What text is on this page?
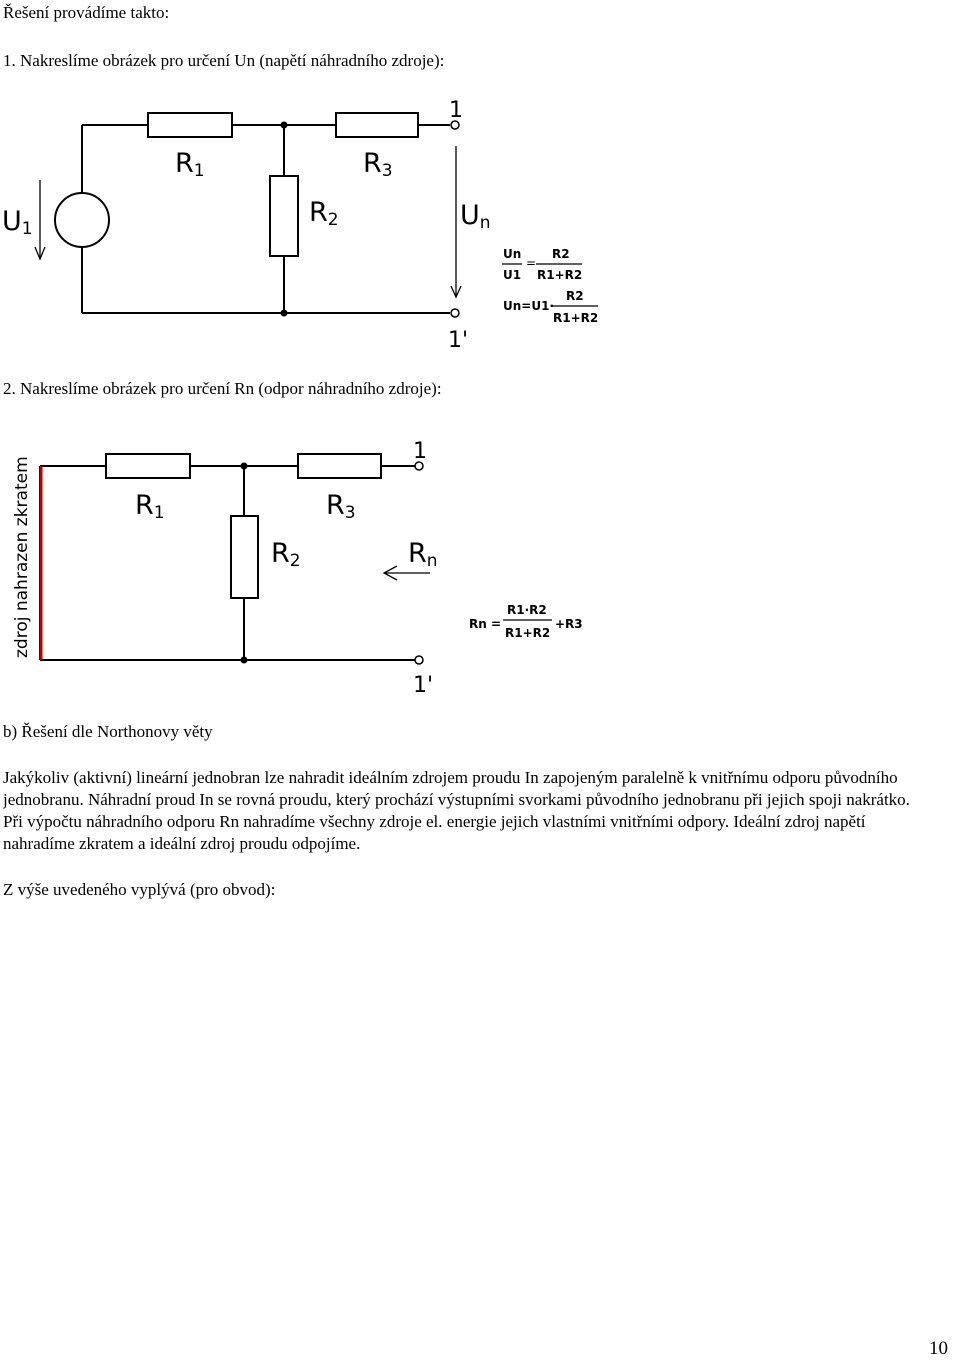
Řešení provádíme takto:
1. Nakreslíme obrázek pro určení Un (napětí náhradního zdroje):
U1
R1
R2
R3
Un
1
1'
Un
U1
=
R2
R1+R2
Un=U1·
R2
R1+R2
2. Nakreslíme obrázek pro určení Rn (odpor náhradního zdroje):
zdroj nahrazen zkratem	R1
R2
R3
Rn
1
1'
Rn =
R1·R2
R1+R2
+R3
b) Řešení dle Northonovy věty
Jakýkoliv (aktivní) lineární jednobran lze nahradit ideálním zdrojem proudu In zapojeným paralelně k vnitřnímu odporu původního
jednobranu. Náhradní proud In se rovná proudu, který prochází výstupními svorkami původního jednobranu při jejich spoji nakrátko.
Při výpočtu náhradního odporu Rn nahradíme všechny zdroje el. energie jejich vlastními vnitřními odpory. Ideální zdroj napětí
nahradíme zkratem a ideální zdroj proudu odpojíme.
Z výše uvedeného vyplývá (pro obvod):
10
